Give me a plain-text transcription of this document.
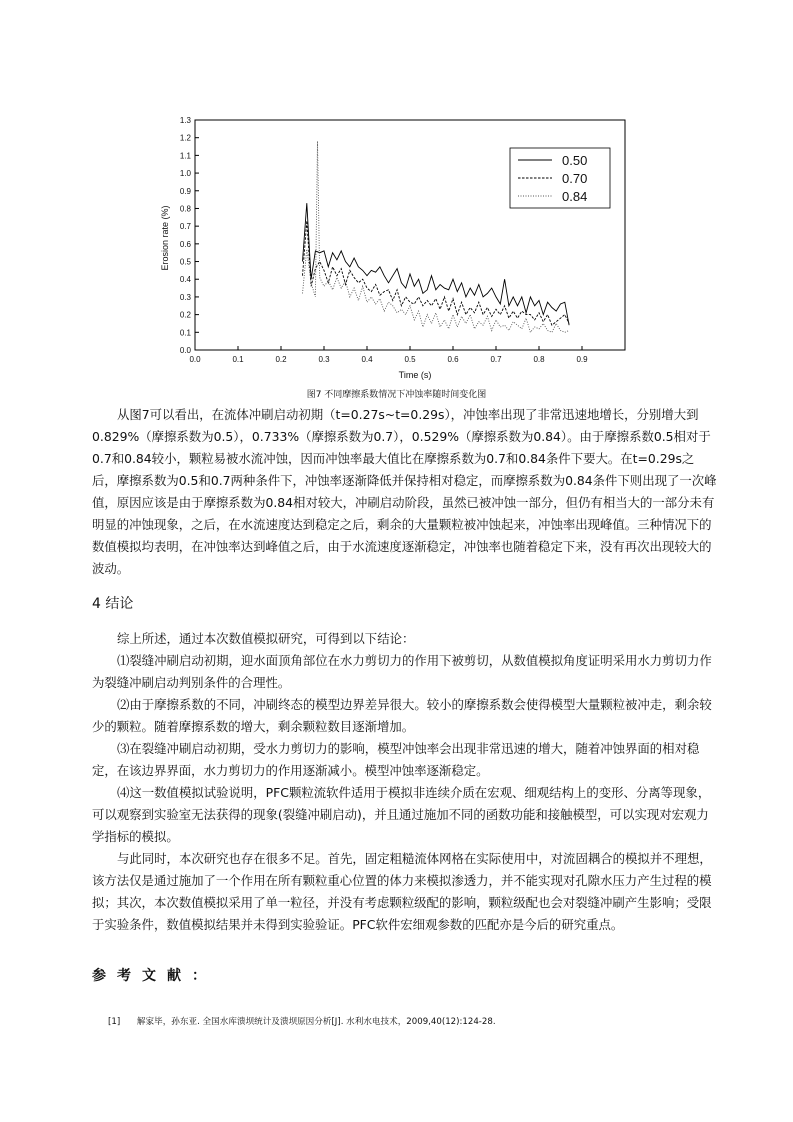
0.0	0.1	0.2	0.3	0.4	0.5	0.6	0.7	0.8	0.9
0.0
0.1
0.2
0.3
0.4
0.5
0.6
0.7
0.8
0.9
1.0
1.1
1.2
1.3
Time (s)
Erosion rate (%)
0.50
0.70
0.84
图7 不同摩擦系数情况下冲蚀率随时间变化图

从图7可以看出，在流体冲刷启动初期（t=0.27s~t=0.29s），冲蚀率出现了非常迅速地增长，分别增大到0.829%（摩擦系数为0.5），0.733%（摩擦系数为0.7），0.529%（摩擦系数为0.84）。由于摩擦系数0.5相对于0.7和0.84较小，颗粒易被水流冲蚀，因而冲蚀率最大值比在摩擦系数为0.7和0.84条件下要大。在t=0.29s之后，摩擦系数为0.5和0.7两种条件下，冲蚀率逐渐降低并保持相对稳定，而摩擦系数为0.84条件下则出现了一次峰值，原因应该是由于摩擦系数为0.84相对较大，冲刷启动阶段，虽然已被冲蚀一部分，但仍有相当大的一部分未有明显的冲蚀现象，之后，在水流速度达到稳定之后，剩余的大量颗粒被冲蚀起来，冲蚀率出现峰值。三种情况下的数值模拟均表明，在冲蚀率达到峰值之后，由于水流速度逐渐稳定，冲蚀率也随着稳定下来，没有再次出现较大的波动。

4 结论

综上所述，通过本次数值模拟研究，可得到以下结论：

⑴裂缝冲刷启动初期，迎水面顶角部位在水力剪切力的作用下被剪切，从数值模拟角度证明采用水力剪切力作为裂缝冲刷启动判别条件的合理性。

⑵由于摩擦系数的不同，冲刷终态的模型边界差异很大。较小的摩擦系数会使得模型大量颗粒被冲走，剩余较少的颗粒。随着摩擦系数的增大，剩余颗粒数目逐渐增加。

⑶在裂缝冲刷启动初期，受水力剪切力的影响，模型冲蚀率会出现非常迅速的增大，随着冲蚀界面的相对稳定，在该边界界面，水力剪切力的作用逐渐减小。模型冲蚀率逐渐稳定。

⑷这一数值模拟试验说明，PFC颗粒流软件适用于模拟非连续介质在宏观、细观结构上的变形、分离等现象，可以观察到实验室无法获得的现象(裂缝冲刷启动)，并且通过施加不同的函数功能和接触模型，可以实现对宏观力学指标的模拟。

与此同时，本次研究也存在很多不足。首先，固定粗糙流体网格在实际使用中，对流固耦合的模拟并不理想，该方法仅是通过施加了一个作用在所有颗粒重心位置的体力来模拟渗透力，并不能实现对孔隙水压力产生过程的模拟；其次，本次数值模拟采用了单一粒径，并没有考虑颗粒级配的影响，颗粒级配也会对裂缝冲刷产生影响；受限于实验条件，数值模拟结果并未得到实验验证。PFC软件宏细观参数的匹配亦是今后的研究重点。

参考文献：
[1] 解家毕，孙东亚. 全国水库溃坝统计及溃坝原因分析[J]. 水利水电技术，2009,40(12):124-28.
